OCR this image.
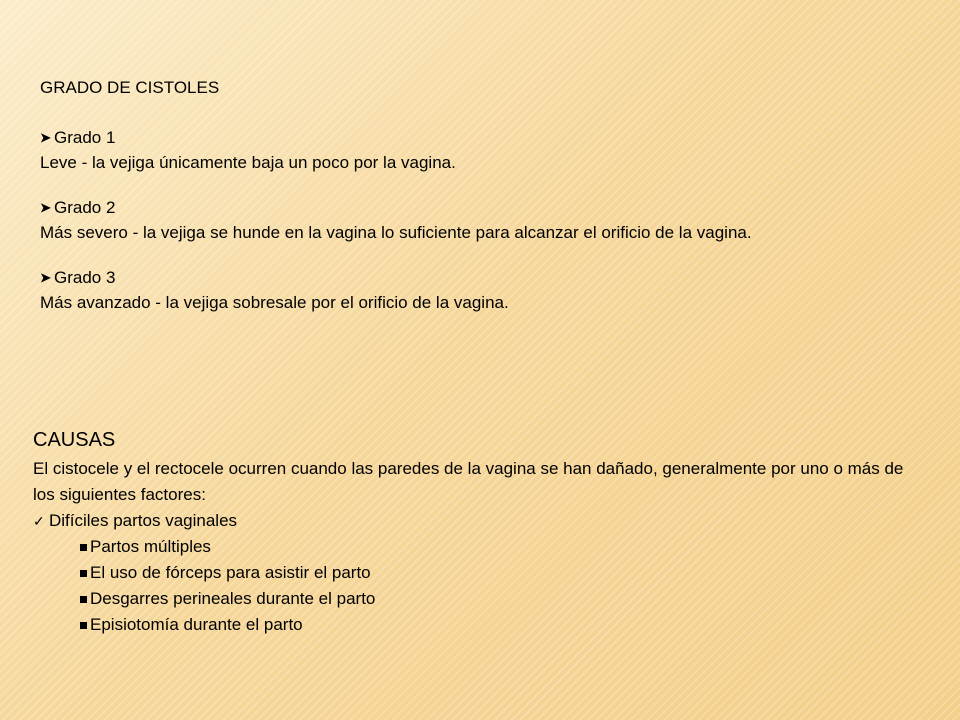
GRADO DE CISTOLES
➤ Grado 1
Leve - la vejiga únicamente baja un poco por la vagina.
➤ Grado 2
Más severo - la vejiga se hunde en la vagina lo suficiente para alcanzar el orificio de la vagina.
➤ Grado 3
Más avanzado - la vejiga sobresale por el orificio de la vagina.
CAUSAS
El cistocele y el rectocele ocurren cuando las paredes de la vagina se han dañado, generalmente por uno o más de los siguientes factores:
✓ Difíciles partos vaginales
Partos múltiples
El uso de fórceps para asistir el parto
Desgarres perineales durante el parto
Episiotomía durante el parto
